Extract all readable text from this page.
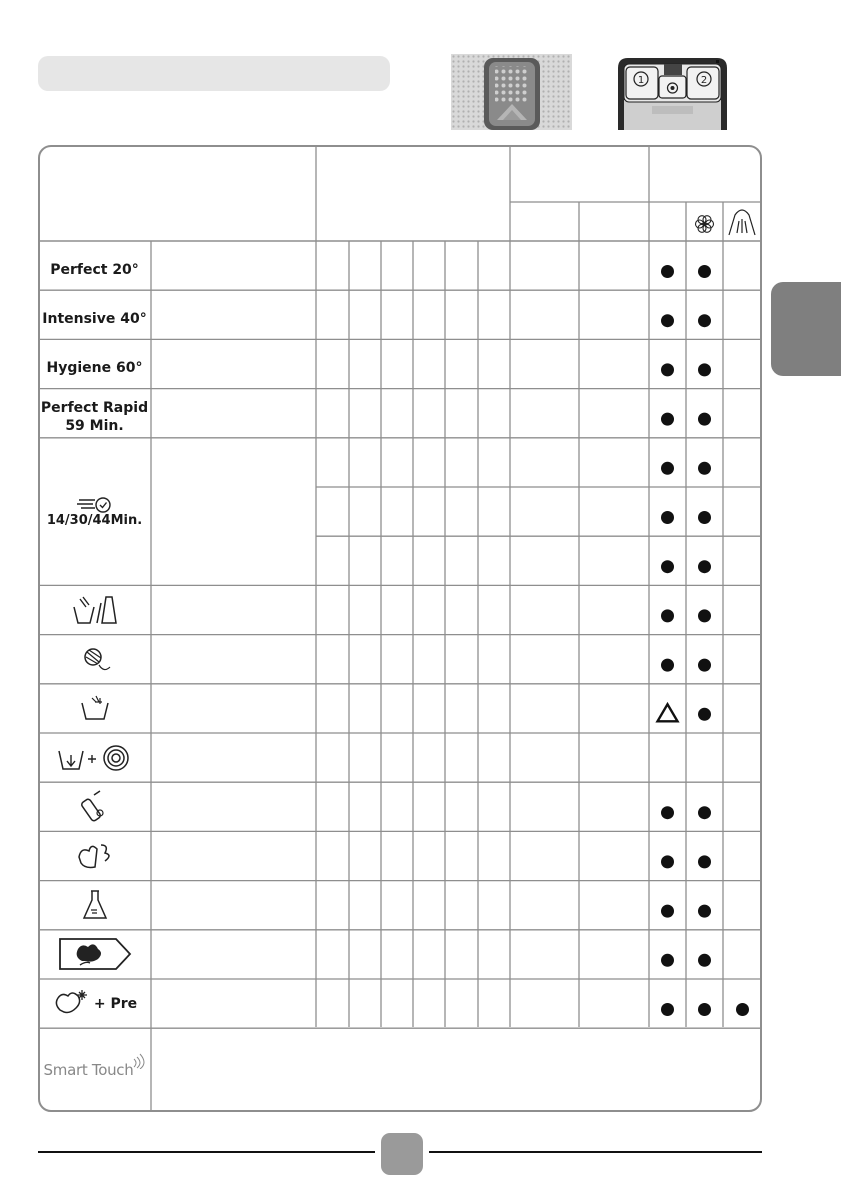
1	2
Perfect 20°
Intensive 40°
Hygiene 60°
Perfect Rapid
59 Min.
14/30/44Min.
+ Pre
Smart Touch
